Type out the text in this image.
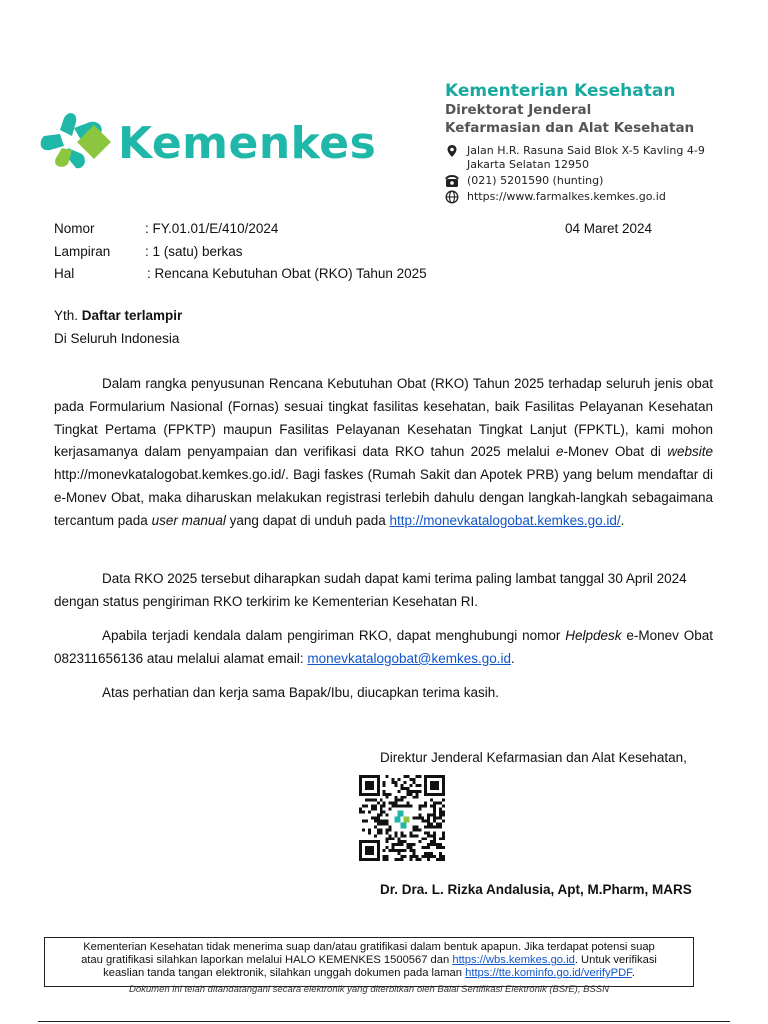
Kemenkes
Kementerian Kesehatan
Direktorat Jenderal
Kefarmasian dan Alat Kesehatan
Jalan H.R. Rasuna Said Blok X-5 Kavling 4-9
Jakarta Selatan 12950
(021) 5201590 (hunting)
https://www.farmalkes.kemkes.go.id
Nomor	: FY.01.01/E/410/2024	04 Maret 2024
Lampiran	: 1 (satu) berkas
Hal	: Rencana Kebutuhan Obat (RKO) Tahun 2025
Yth. Daftar terlampir
Di Seluruh Indonesia
Dalam rangka penyusunan Rencana Kebutuhan Obat (RKO) Tahun 2025 terhadap seluruh jenis obat pada Formularium Nasional (Fornas) sesuai tingkat fasilitas kesehatan, baik Fasilitas Pelayanan Kesehatan Tingkat Pertama (FPKTP) maupun Fasilitas Pelayanan Kesehatan Tingkat Lanjut (FPKTL), kami mohon kerjasamanya dalam penyampaian dan verifikasi data RKO tahun 2025 melalui e-Monev Obat di website http://monevkatalogobat.kemkes.go.id/. Bagi faskes (Rumah Sakit dan Apotek PRB) yang belum mendaftar di e-Monev Obat, maka diharuskan melakukan registrasi terlebih dahulu dengan langkah-langkah sebagaimana tercantum pada user manual yang dapat di unduh pada http://monevkatalogobat.kemkes.go.id/.
Data RKO 2025 tersebut diharapkan sudah dapat kami terima paling lambat tanggal 30 April 2024
dengan status pengiriman RKO terkirim ke Kementerian Kesehatan RI.
Apabila terjadi kendala dalam pengiriman RKO, dapat menghubungi nomor Helpdesk e-Monev Obat 082311656136 atau melalui alamat email: monevkatalogobat@kemkes.go.id.
Atas perhatian dan kerja sama Bapak/Ibu, diucapkan terima kasih.
Direktur Jenderal Kefarmasian dan Alat Kesehatan,
Dr. Dra. L. Rizka Andalusia, Apt, M.Pharm, MARS
Kementerian Kesehatan tidak menerima suap dan/atau gratifikasi dalam bentuk apapun. Jika terdapat potensi suap
atau gratifikasi silahkan laporkan melalui HALO KEMENKES 1500567 dan https://wbs.kemkes.go.id. Untuk verifikasi
keaslian tanda tangan elektronik, silahkan unggah dokumen pada laman https://tte.kominfo.go.id/verifyPDF.
Dokumen ini telah ditandatangani secara elektronik yang diterbitkan oleh Balai Sertifikasi Elektronik (BSrE), BSSN
